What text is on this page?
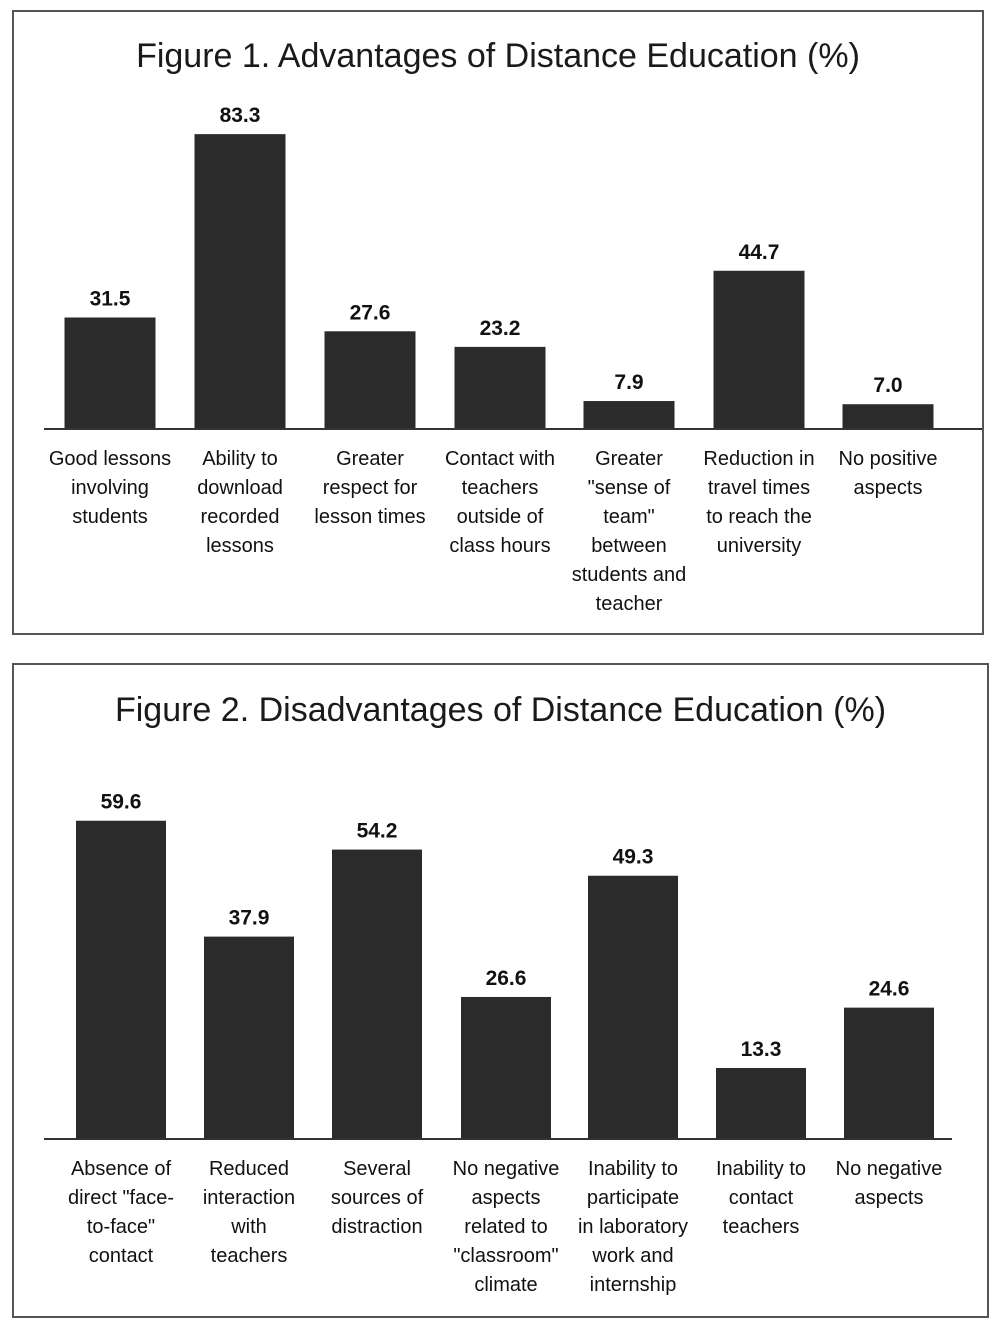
Figure 1. Advantages of Distance Education (%)
31.5
83.3
27.6
23.2
7.9
44.7
7.0
Good lessons
involving
students
Ability to
download
recorded
lessons
Greater
respect for
lesson times
Contact with
teachers
outside of
class hours
Greater
"sense of
team"
between
students and
teacher
Reduction in
travel times
to reach the
university
No positive
aspects
Figure 2. Disadvantages of Distance Education (%)
59.6
37.9
54.2
26.6
49.3
13.3
24.6
Absence of
direct "face-
to-face"
contact
Reduced
interaction
with
teachers
Several
sources of
distraction
No negative
aspects
related to
"classroom"
climate
Inability to
participate
in laboratory
work and
internship
Inability to
contact
teachers
No negative
aspects
